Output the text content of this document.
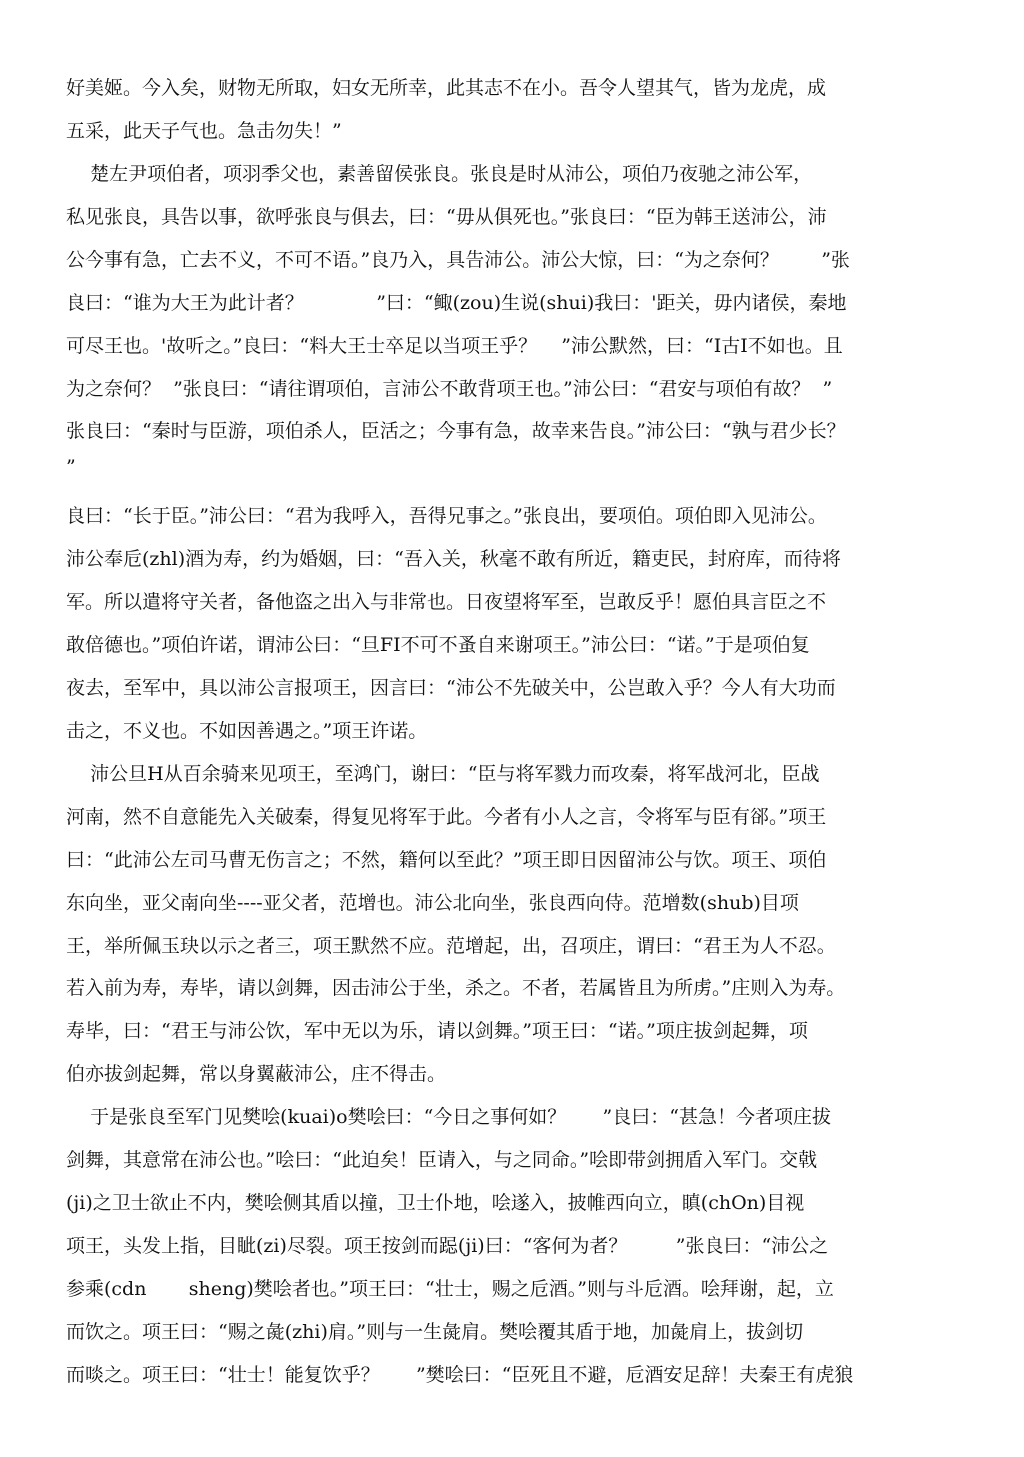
好美姬。今入矣，财物无所取，妇女无所幸，此其志不在小。吾令人望其气，皆为龙虎，成
五采，此天子气也。急击勿失！”
楚左尹项伯者，项羽季父也，素善留侯张良。张良是时从沛公，项伯乃夜驰之沛公军，
私见张良，具告以事，欲呼张良与俱去，曰：“毋从俱死也。”张良曰：“臣为韩王送沛公，沛
公今事有急，亡去不义，不可不语。”良乃入，具告沛公。沛公大惊，曰：“为之奈何？       ”张
良曰：“谁为大王为此计者？            ”曰：“鲰(zou)生说(shui)我曰：'距关，毋内诸侯，秦地
可尽王也。'故听之。”良曰：“料大王士卒足以当项王乎？    ”沛公默然，曰：“I古I不如也。且
为之奈何？  ”张良曰：“请往谓项伯，言沛公不敢背项王也。”沛公曰：“君安与项伯有故？  ”
张良曰：“秦时与臣游，项伯杀人，臣活之；今事有急，故幸来告良。”沛公曰：“孰与君少长？
”
良曰：“长于臣。”沛公曰：“君为我呼入，吾得兄事之。”张良出，要项伯。项伯即入见沛公。
沛公奉卮(zhl)酒为寿，约为婚姻，曰：“吾入关，秋毫不敢有所近，籍吏民，封府库，而待将
军。所以遣将守关者，备他盗之出入与非常也。日夜望将军至，岂敢反乎！愿伯具言臣之不
敢倍德也。”项伯许诺，谓沛公曰：“旦FI不可不蚤自来谢项王。”沛公曰：“诺。”于是项伯复
夜去，至军中，具以沛公言报项王，因言曰：“沛公不先破关中，公岂敢入乎？今人有大功而
击之，不义也。不如因善遇之。”项王许诺。
沛公旦H从百余骑来见项王，至鸿门，谢曰：“臣与将军戮力而攻秦，将军战河北，臣战
河南，然不自意能先入关破秦，得复见将军于此。今者有小人之言，令将军与臣有郤。”项王
曰：“此沛公左司马曹无伤言之；不然，籍何以至此？”项王即日因留沛公与饮。项王、项伯
东向坐，亚父南向坐----亚父者，范增也。沛公北向坐，张良西向侍。范增数(shub)目项
王，举所佩玉玦以示之者三，项王默然不应。范增起，出，召项庄，谓曰：“君王为人不忍。
若入前为寿，寿毕，请以剑舞，因击沛公于坐，杀之。不者，若属皆且为所虏。”庄则入为寿。
寿毕，曰：“君王与沛公饮，军中无以为乐，请以剑舞。”项王曰：“诺。”项庄拔剑起舞，项
伯亦拔剑起舞，常以身翼蔽沛公，庄不得击。
于是张良至军门见樊哙(kuai)o樊哙曰：“今日之事何如？      ”良曰：“甚急！今者项庄拔
剑舞，其意常在沛公也。”哙曰：“此迫矣！臣请入，与之同命。”哙即带剑拥盾入军门。交戟
(ji)之卫士欲止不内，樊哙侧其盾以撞，卫士仆地，哙遂入，披帷西向立，瞋(chOn)目视
项王，头发上指，目眦(zi)尽裂。项王按剑而跽(ji)曰：“客何为者？        ”张良曰：“沛公之
参乘(cdn       sheng)樊哙者也。”项王曰：“壮士，赐之卮酒。”则与斗卮酒。哙拜谢，起，立
而饮之。项王曰：“赐之彘(zhi)肩。”则与一生彘肩。樊哙覆其盾于地，加彘肩上，拔剑切
而啖之。项王曰：“壮士！能复饮乎？      ”樊哙曰：“臣死且不避，卮酒安足辞！夫秦王有虎狼
